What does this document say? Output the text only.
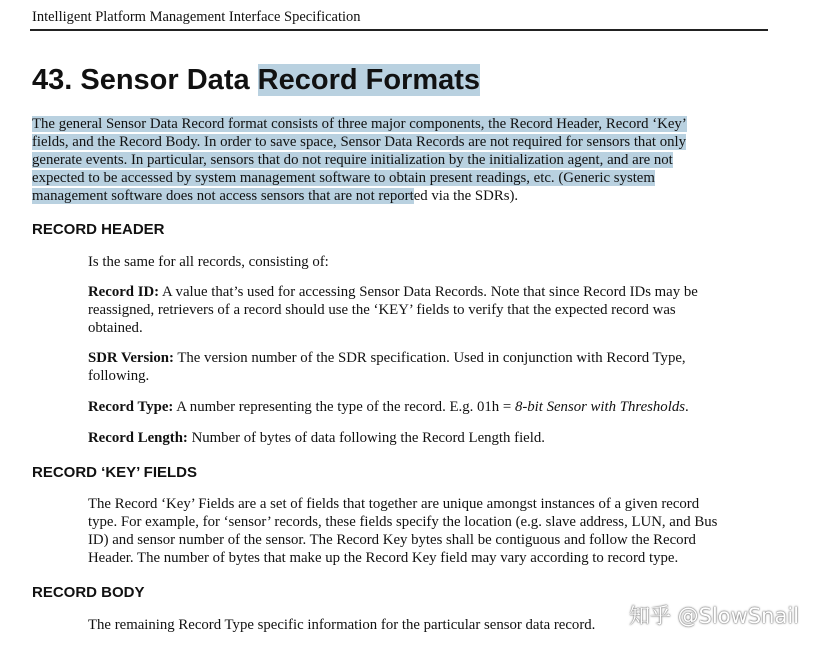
Intelligent Platform Management Interface Specification
43. Sensor Data Record Formats
The general Sensor Data Record format consists of three major components, the Record Header, Record ‘Key’
fields, and the Record Body. In order to save space, Sensor Data Records are not required for sensors that only
generate events. In particular, sensors that do not require initialization by the initialization agent, and are not
expected to be accessed by system management software to obtain present readings, etc. (Generic system
management software does not access sensors that are not reported via the SDRs).
RECORD HEADER
Is the same for all records, consisting of:
Record ID: A value that’s used for accessing Sensor Data Records. Note that since Record IDs may be
reassigned, retrievers of a record should use the ‘KEY’ fields to verify that the expected record was
obtained.
SDR Version: The version number of the SDR specification. Used in conjunction with Record Type,
following.
Record Type: A number representing the type of the record. E.g. 01h = 8-bit Sensor with Thresholds.
Record Length: Number of bytes of data following the Record Length field.
RECORD ‘KEY’ FIELDS
The Record ‘Key’ Fields are a set of fields that together are unique amongst instances of a given record
type. For example, for ‘sensor’ records, these fields specify the location (e.g. slave address, LUN, and Bus
ID) and sensor number of the sensor. The Record Key bytes shall be contiguous and follow the Record
Header. The number of bytes that make up the Record Key field may vary according to record type.
RECORD BODY
The remaining Record Type specific information for the particular sensor data record. 知乎 @SlowSnail
